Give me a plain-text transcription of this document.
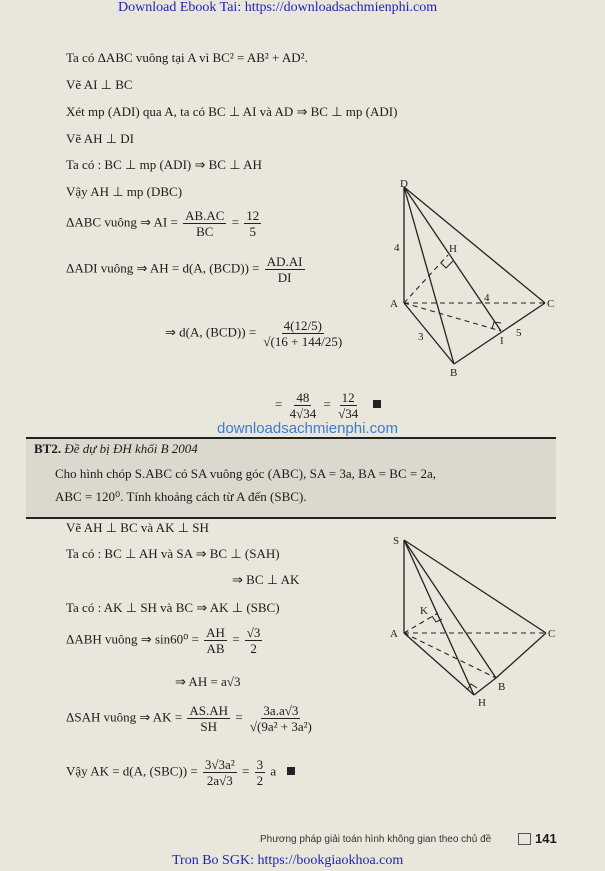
Download Ebook Tai: https://downloadsachmienphi.com
Ta có ΔABC vuông tại A vì BC² = AB² + AD².
Vẽ AI ⊥ BC
Xét mp (ADI) qua A, ta có BC ⊥ AI và AD ⇒ BC ⊥ mp (ADI)
Vẽ AH ⊥ DI
Ta có : BC ⊥ mp (ADI) ⇒ BC ⊥ AH
Vậy AH ⊥ mp (DBC)
ΔABC vuông ⇒ AI = $\frac{AB.AC}{BC} = \frac{12}{5}$
ΔADI vuông ⇒ AH = d(A, $(BCD)) = \frac{AD.AI}{DI}$
⇒ d(A, $(BCD)) = \frac{4(12/5)}{√(16 + 144/25)}$
= $\frac{48}{4√34} = \frac{12}{√34}$

D
H
A	C
B
I
4
4
3	5
downloadsachmienphi.com
BT2. Đề dự bị ĐH khối B 2004
Cho hình chóp S.ABC có SA vuông góc (ABC), SA = 3a, BA = BC = 2a,
ABC = 120⁰. Tính khoảng cách từ A đến (SBC).
Vẽ AH ⊥ BC và AK ⊥ SH
Ta có : BC ⊥ AH và SA ⇒ BC ⊥ (SAH)
⇒ BC ⊥ AK
Ta có : AK ⊥ SH và BC ⇒ AK ⊥ (SBC)
ΔABH vuông ⇒ $\sin 60^0 = \frac{AH}{AB} = \frac{√3}{2}$
⇒ AH = a√3
ΔSAH vuông ⇒ AK = $\frac{AS.AH}{SH} = \frac{3a.a√3}{\text{√(9a² + 3a²)}}$
Vậy AK = d(A, $(SBC)) = \frac{\text{3√3a²}}{2a√3} = \frac{3}{2}$ a
S
K
A	C
B
H
Phương pháp giải toán hình không gian theo chủ đề	141
Tron Bo SGK: https://bookgiaokhoa.com
